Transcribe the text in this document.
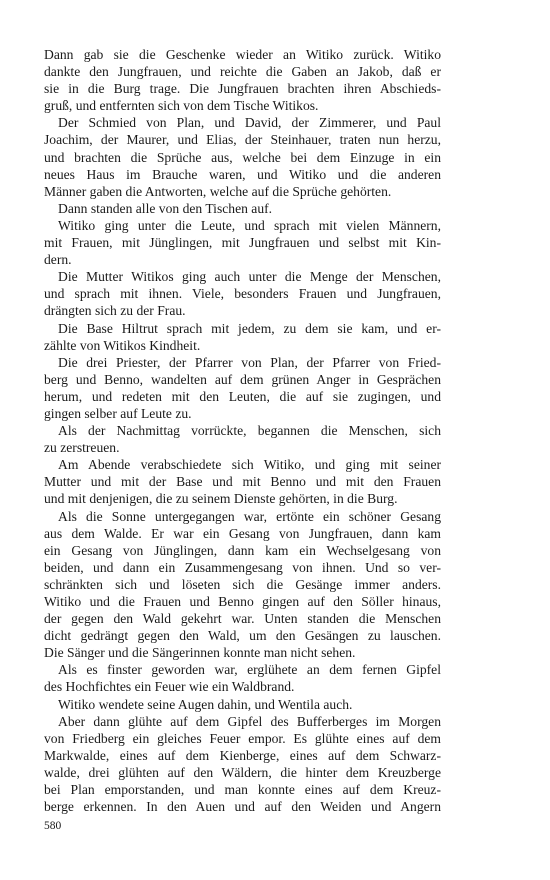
Dann gab sie die Geschenke wieder an Witiko zurück. Witiko
dankte den Jungfrauen, und reichte die Gaben an Jakob, daß er
sie in die Burg trage. Die Jungfrauen brachten ihren Abschieds-
gruß, und entfernten sich von dem Tische Witikos.
Der Schmied von Plan, und David, der Zimmerer, und Paul
Joachim, der Maurer, und Elias, der Steinhauer, traten nun herzu,
und brachten die Sprüche aus, welche bei dem Einzuge in ein
neues Haus im Brauche waren, und Witiko und die anderen
Männer gaben die Antworten, welche auf die Sprüche gehörten.
Dann standen alle von den Tischen auf.
Witiko ging unter die Leute, und sprach mit vielen Männern,
mit Frauen, mit Jünglingen, mit Jungfrauen und selbst mit Kin-
dern.
Die Mutter Witikos ging auch unter die Menge der Menschen,
und sprach mit ihnen. Viele, besonders Frauen und Jungfrauen,
drängten sich zu der Frau.
Die Base Hiltrut sprach mit jedem, zu dem sie kam, und er-
zählte von Witikos Kindheit.
Die drei Priester, der Pfarrer von Plan, der Pfarrer von Fried-
berg und Benno, wandelten auf dem grünen Anger in Gesprächen
herum, und redeten mit den Leuten, die auf sie zugingen, und
gingen selber auf Leute zu.
Als der Nachmittag vorrückte, begannen die Menschen, sich
zu zerstreuen.
Am Abende verabschiedete sich Witiko, und ging mit seiner
Mutter und mit der Base und mit Benno und mit den Frauen
und mit denjenigen, die zu seinem Dienste gehörten, in die Burg.
Als die Sonne untergegangen war, ertönte ein schöner Gesang
aus dem Walde. Er war ein Gesang von Jungfrauen, dann kam
ein Gesang von Jünglingen, dann kam ein Wechselgesang von
beiden, und dann ein Zusammengesang von ihnen. Und so ver-
schränkten sich und löseten sich die Gesänge immer anders.
Witiko und die Frauen und Benno gingen auf den Söller hinaus,
der gegen den Wald gekehrt war. Unten standen die Menschen
dicht gedrängt gegen den Wald, um den Gesängen zu lauschen.
Die Sänger und die Sängerinnen konnte man nicht sehen.
Als es finster geworden war, erglühete an dem fernen Gipfel
des Hochfichtes ein Feuer wie ein Waldbrand.
Witiko wendete seine Augen dahin, und Wentila auch.
Aber dann glühte auf dem Gipfel des Bufferberges im Morgen
von Friedberg ein gleiches Feuer empor. Es glühte eines auf dem
Markwalde, eines auf dem Kienberge, eines auf dem Schwarz-
walde, drei glühten auf den Wäldern, die hinter dem Kreuzberge
bei Plan emporstanden, und man konnte eines auf dem Kreuz-
berge erkennen. In den Auen und auf den Weiden und Angern
580
